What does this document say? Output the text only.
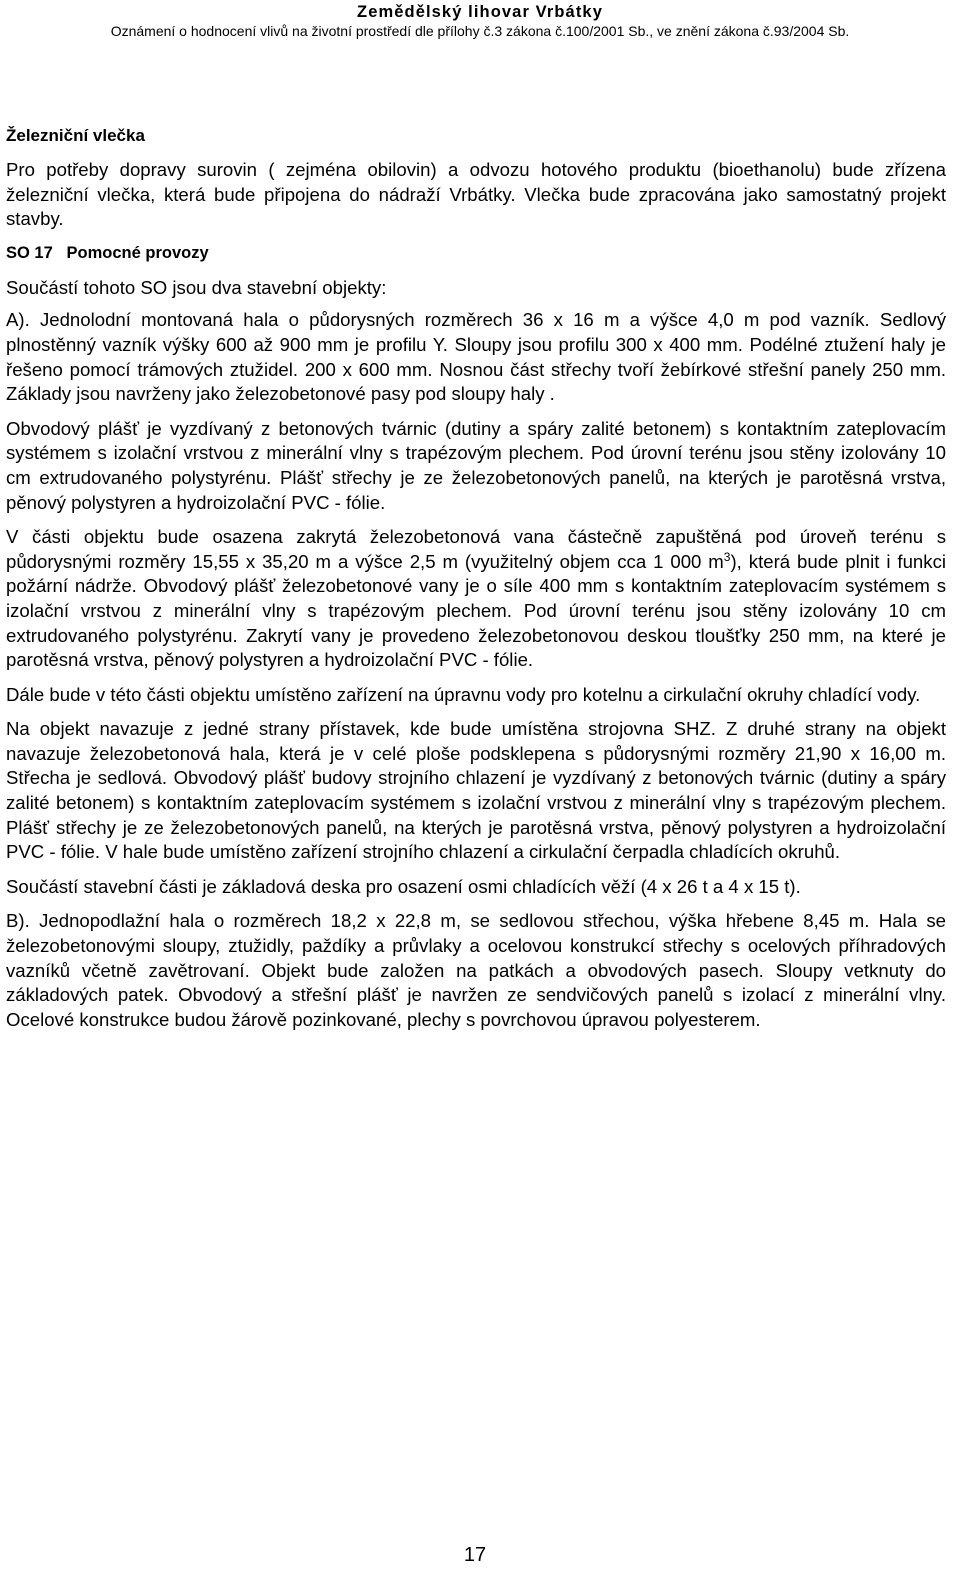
Zemědělský lihovar Vrbátky
Oznámení o hodnocení vlivů na životní prostředí dle přílohy č.3 zákona č.100/2001 Sb., ve znění zákona č.93/2004 Sb.
Železniční vlečka

Pro potřeby dopravy surovin ( zejména obilovin) a odvozu hotového produktu (bioethanolu) bude zřízena železniční vlečka, která bude připojena do nádraží Vrbátky. Vlečka bude zpracována jako samostatný projekt stavby.

SO 17   Pomocné provozy

Součástí tohoto SO jsou dva stavební objekty:

A). Jednolodní montovaná hala o půdorysných rozměrech 36 x 16 m a výšce 4,0 m pod vazník. Sedlový plnostěnný vazník výšky 600 až 900 mm je profilu Y. Sloupy jsou profilu 300 x 400 mm. Podélné ztužení haly je řešeno pomocí trámových ztužidel. 200 x 600 mm. Nosnou část střechy tvoří žebírkové střešní panely 250 mm. Základy jsou navrženy jako železobetonové pasy pod sloupy haly .

Obvodový plášť je vyzdívaný z betonových tvárnic (dutiny a spáry zalité betonem) s kontaktním zateplovacím systémem s izolační vrstvou z minerální vlny s trapézovým plechem. Pod úrovní terénu jsou stěny izolovány 10 cm extrudovaného polystyrénu. Plášť střechy je ze železobetonových panelů, na kterých je parotěsná vrstva, pěnový polystyren a hydroizolační PVC - fólie.

V části objektu bude osazena zakrytá železobetonová vana částečně zapuštěná pod úroveň terénu s půdorysnými rozměry 15,55 x 35,20 m a výšce 2,5 m (využitelný objem cca 1 000 $m^3$), která bude plnit i funkci požární nádrže. Obvodový plášť železobetonové vany je o síle 400 mm s kontaktním zateplovacím systémem s izolační vrstvou z minerální vlny s trapézovým plechem. Pod úrovní terénu jsou stěny izolovány 10 cm extrudovaného polystyrénu. Zakrytí vany je provedeno železobetonovou deskou tloušťky 250 mm, na které je parotěsná vrstva, pěnový polystyren a hydroizolační PVC - fólie.

Dále bude v této části objektu umístěno zařízení na úpravnu vody pro kotelnu a cirkulační okruhy chladící vody.

Na objekt navazuje z jedné strany přístavek, kde bude umístěna strojovna SHZ. Z druhé strany na objekt navazuje železobetonová hala, která je v celé ploše podsklepena s půdorysnými rozměry 21,90 x 16,00 m. Střecha je sedlová. Obvodový plášť budovy strojního chlazení je vyzdívaný z betonových tvárnic (dutiny a spáry zalité betonem) s kontaktním zateplovacím systémem s izolační vrstvou z minerální vlny s trapézovým plechem. Plášť střechy je ze železobetonových panelů, na kterých je parotěsná vrstva, pěnový polystyren a hydroizolační PVC - fólie. V hale bude umístěno zařízení strojního chlazení a cirkulační čerpadla chladících okruhů.

Součástí stavební části je základová deska pro osazení osmi chladících věží (4 x 26 t a 4 x 15 t).

B). Jednopodlažní hala o rozměrech 18,2 x 22,8 m, se sedlovou střechou, výška hřebene 8,45 m. Hala se železobetonovými sloupy, ztužidly, paždíky a průvlaky a ocelovou konstrukcí střechy s ocelových příhradových vazníků včetně zavětrovaní. Objekt bude založen na patkách a obvodových pasech. Sloupy vetknuty do základových patek. Obvodový a střešní plášť je navržen ze sendvičových panelů s izolací z minerální vlny. Ocelové konstrukce budou žárově pozinkované, plechy s povrchovou úpravou polyesterem.

17
